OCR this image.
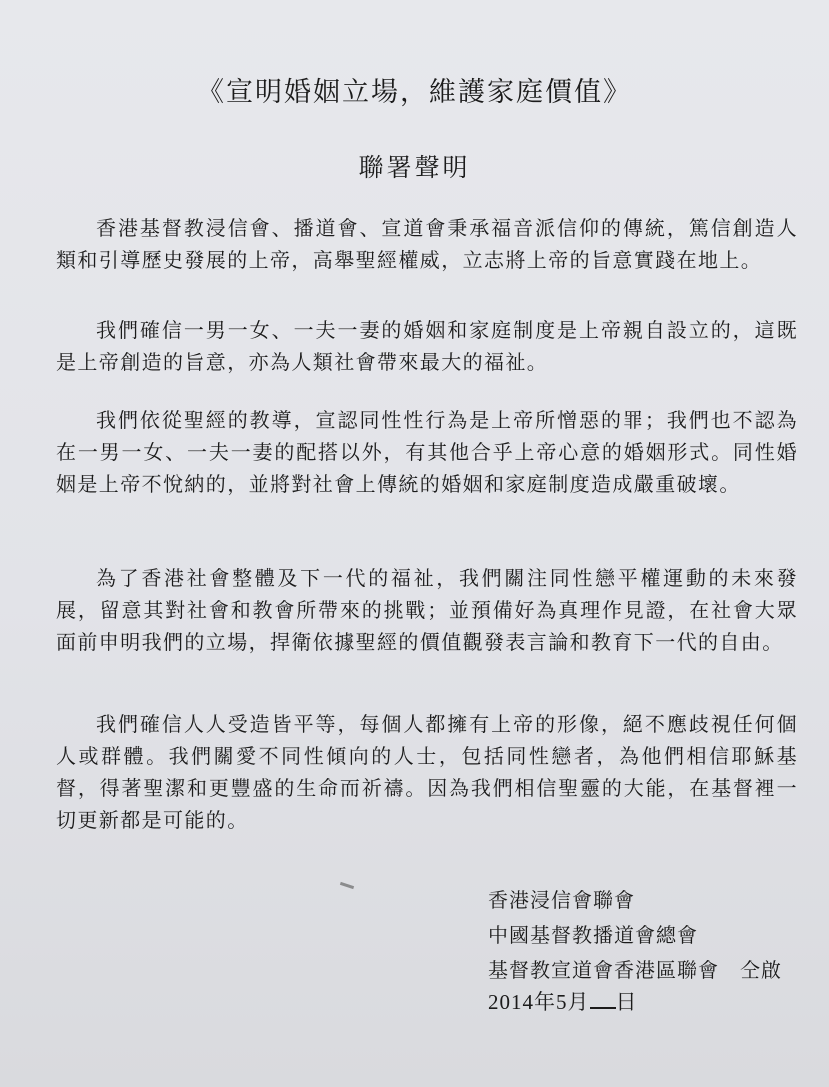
《宣明婚姻立場，維護家庭價值》
聯署聲明

香港基督教浸信會、播道會、宣道會秉承福音派信仰的傳統，篤信創造人類和引導歷史發展的上帝，高舉聖經權威，立志將上帝的旨意實踐在地上。

我們確信一男一女、一夫一妻的婚姻和家庭制度是上帝親自設立的，這既是上帝創造的旨意，亦為人類社會帶來最大的福祉。

我們依從聖經的教導，宣認同性性行為是上帝所憎惡的罪；我們也不認為在一男一女、一夫一妻的配搭以外，有其他合乎上帝心意的婚姻形式。同性婚姻是上帝不悅納的，並將對社會上傳統的婚姻和家庭制度造成嚴重破壞。

為了香港社會整體及下一代的福祉，我們關注同性戀平權運動的未來發展，留意其對社會和教會所帶來的挑戰；並預備好為真理作見證，在社會大眾面前申明我們的立場，捍衛依據聖經的價值觀發表言論和教育下一代的自由。

我們確信人人受造皆平等，每個人都擁有上帝的形像，絕不應歧視任何個人或群體。我們關愛不同性傾向的人士，包括同性戀者，為他們相信耶穌基督，得著聖潔和更豐盛的生命而祈禱。因為我們相信聖靈的大能，在基督裡一切更新都是可能的。

香港浸信會聯會
中國基督教播道會總會
基督教宣道會香港區聯會　仝啟
2014年5月 日
